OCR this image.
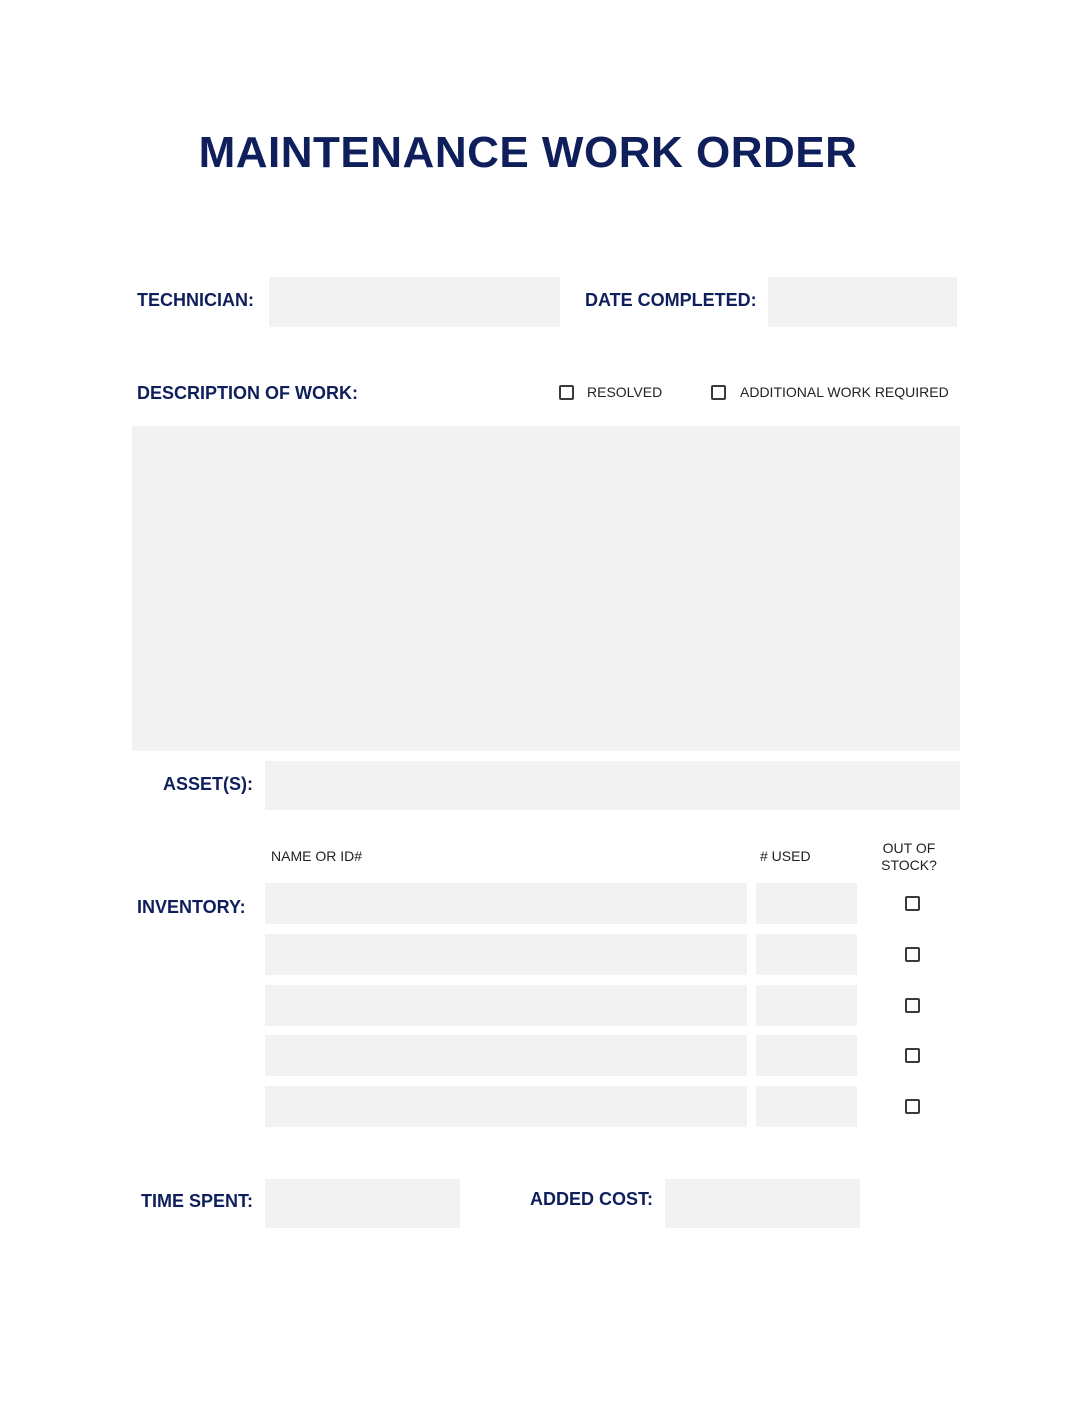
MAINTENANCE WORK ORDER
TECHNICIAN:	DATE COMPLETED:
DESCRIPTION OF WORK:	RESOLVED	ADDITIONAL WORK REQUIRED
ASSET(S):
NAME OR ID#	# USED	OUT OF
STOCK?
INVENTORY:
TIME SPENT:	ADDED COST:
